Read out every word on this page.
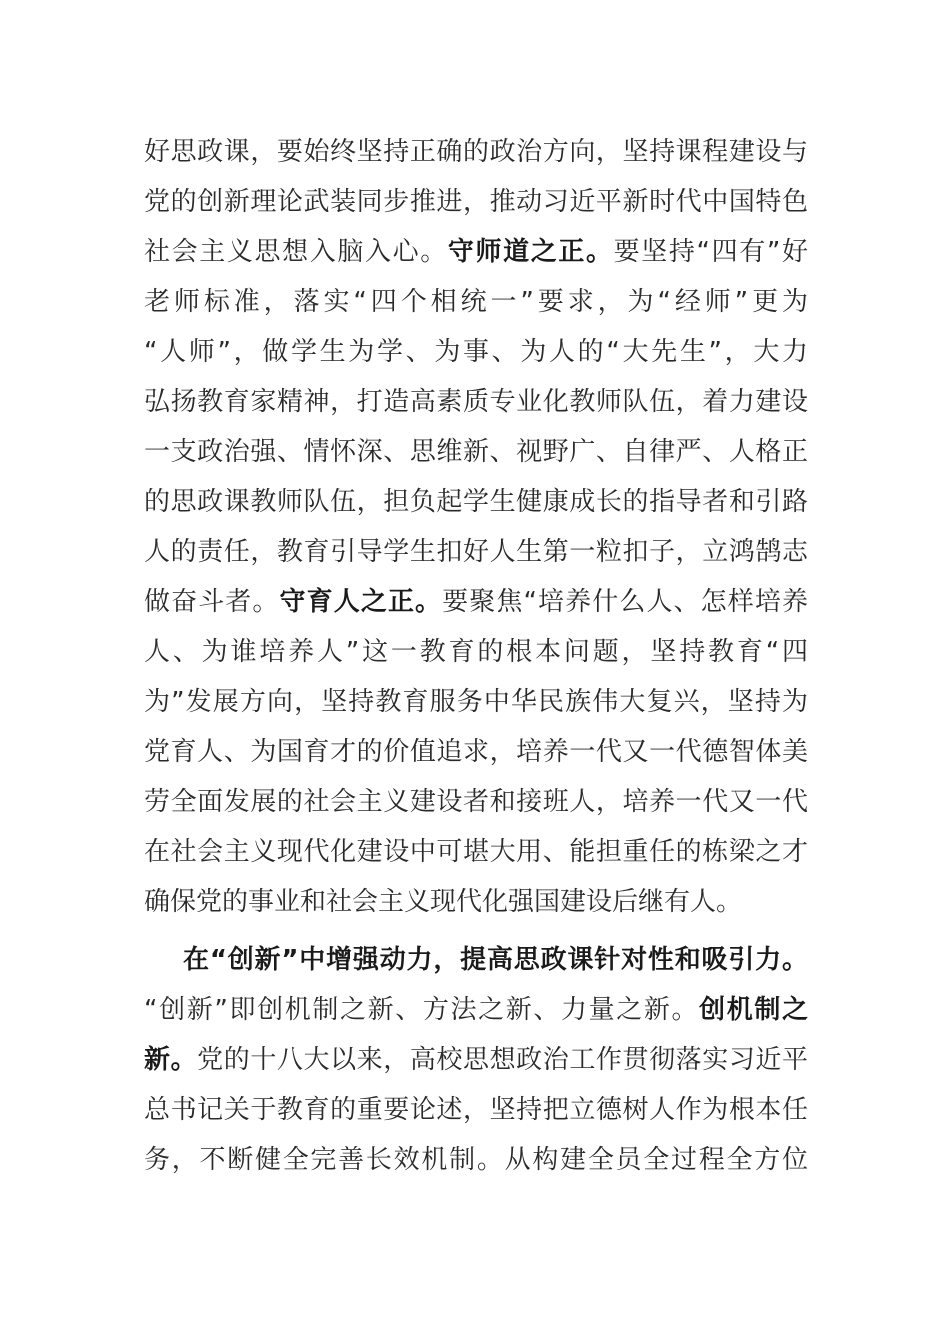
好思政课，要始终坚持正确的政治方向，坚持课程建设与
党的创新理论武装同步推进，推动习近平新时代中国特色
社会主义思想入脑入心。守师道之正。要坚持“四有”好
老师标准，落实“四个相统一”要求，为“经师”更为
“人师”，做学生为学、为事、为人的“大先生”，大力
弘扬教育家精神，打造高素质专业化教师队伍，着力建设
一支政治强、情怀深、思维新、视野广、自律严、人格正
的思政课教师队伍，担负起学生健康成长的指导者和引路
人的责任，教育引导学生扣好人生第一粒扣子，立鸿鹄志
做奋斗者。守育人之正。要聚焦“培养什么人、怎样培养
人、为谁培养人”这一教育的根本问题，坚持教育“四
为”发展方向，坚持教育服务中华民族伟大复兴，坚持为
党育人、为国育才的价值追求，培养一代又一代德智体美
劳全面发展的社会主义建设者和接班人，培养一代又一代
在社会主义现代化建设中可堪大用、能担重任的栋梁之才
确保党的事业和社会主义现代化强国建设后继有人。
在“创新”中增强动力，提高思政课针对性和吸引力。
“创新”即创机制之新、方法之新、力量之新。创机制之
新。党的十八大以来，高校思想政治工作贯彻落实习近平
总书记关于教育的重要论述，坚持把立德树人作为根本任
务，不断健全完善长效机制。从构建全员全过程全方位
